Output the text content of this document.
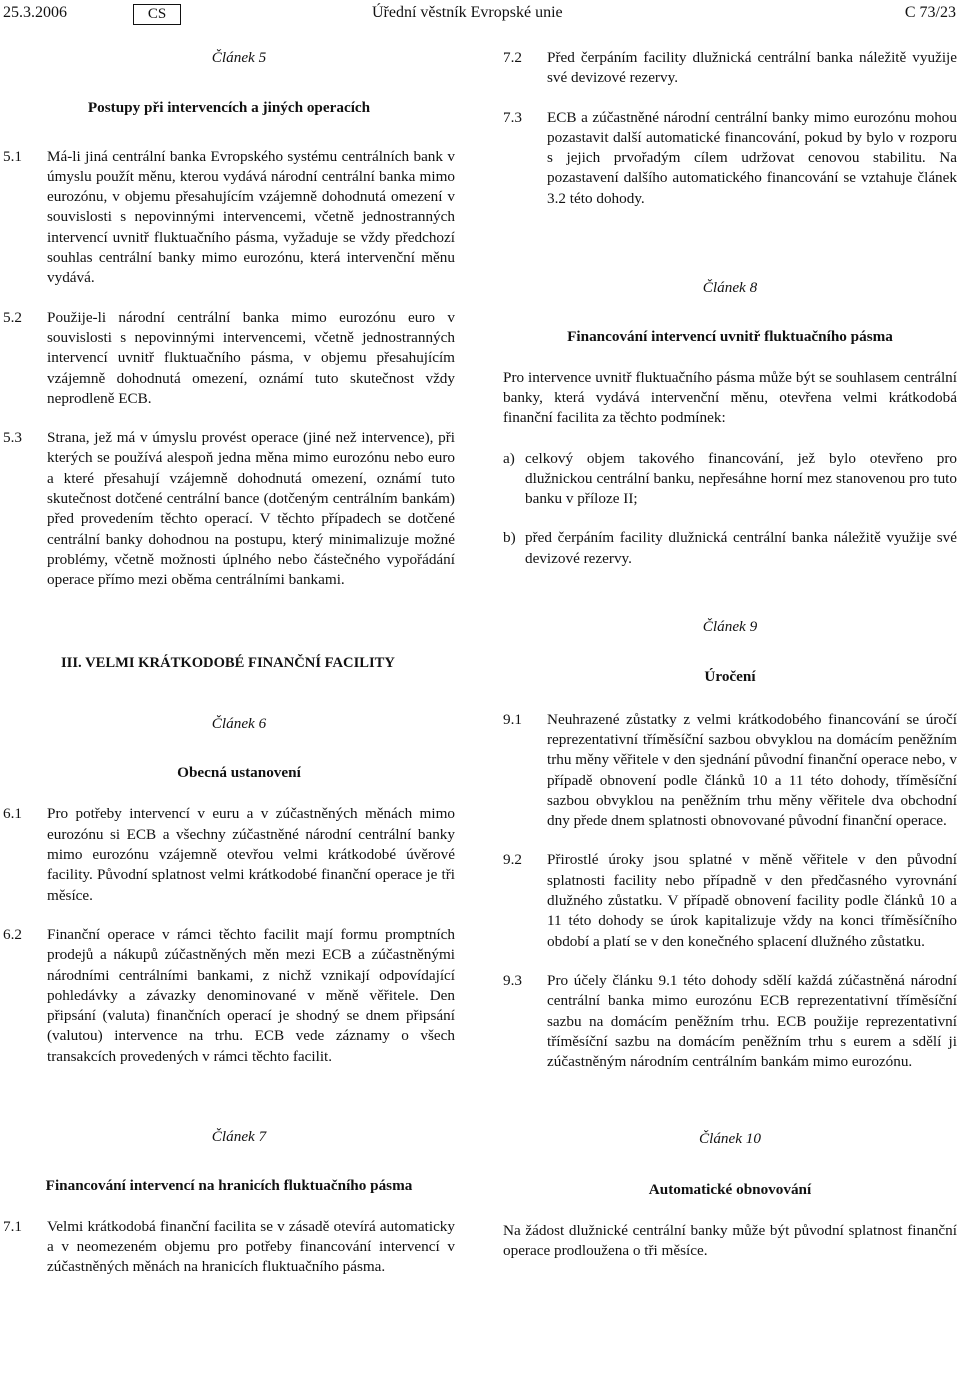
25.3.2006	CS	Úřední věstník Evropské unie	C 73/23

Článek 5

Postupy při intervencích a jiných operacích

5.1 Má-li jiná centrální banka Evropského systému centrálních bank v úmyslu použít měnu, kterou vydává národní centrální banka mimo eurozónu, v objemu přesahujícím vzájemně dohodnutá omezení v souvislosti s nepovinnými intervencemi, včetně jednostranných intervencí uvnitř fluktuačního pásma, vyžaduje se vždy předchozí souhlas centrální banky mimo eurozónu, která intervenční měnu vydává.

5.2 Použije-li národní centrální banka mimo eurozónu euro v souvislosti s nepovinnými intervencemi, včetně jednostranných intervencí uvnitř fluktuačního pásma, v objemu přesahujícím vzájemně dohodnutá omezení, oznámí tuto skutečnost vždy neprodleně ECB.

5.3 Strana, jež má v úmyslu provést operace (jiné než intervence), při kterých se používá alespoň jedna měna mimo eurozónu nebo euro a které přesahují vzájemně dohodnutá omezení, oznámí tuto skutečnost dotčené centrální bance (dotčeným centrálním bankám) před provedením těchto operací. V těchto případech se dotčené centrální banky dohodnou na postupu, který minimalizuje možné problémy, včetně možnosti úplného nebo částečného vypořádání operace přímo mezi oběma centrálními bankami.

III. VELMI KRÁTKODOBÉ FINANČNÍ FACILITY

Článek 6

Obecná ustanovení

6.1 Pro potřeby intervencí v euru a v zúčastněných měnách mimo eurozónu si ECB a všechny zúčastněné národní centrální banky mimo eurozónu vzájemně otevřou velmi krátkodobé úvěrové facility. Původní splatnost velmi krátkodobé finanční operace je tři měsíce.

6.2 Finanční operace v rámci těchto facilit mají formu promptních prodejů a nákupů zúčastněných měn mezi ECB a zúčastněnými národními centrálními bankami, z nichž vznikají odpovídající pohledávky a závazky denominované v měně věřitele. Den připsání (valuta) finančních operací je shodný se dnem připsání (valutou) intervence na trhu. ECB vede záznamy o všech transakcích provedených v rámci těchto facilit.

Článek 7

Financování intervencí na hranicích fluktuačního pásma

7.1 Velmi krátkodobá finanční facilita se v zásadě otevírá automaticky a v neomezeném objemu pro potřeby financování intervencí v zúčastněných měnách na hranicích fluktuačního pásma.

7.2 Před čerpáním facility dlužnická centrální banka náležitě využije své devizové rezervy.

7.3 ECB a zúčastněné národní centrální banky mimo eurozónu mohou pozastavit další automatické financování, pokud by bylo v rozporu s jejich prvořadým cílem udržovat cenovou stabilitu. Na pozastavení dalšího automatického financování se vztahuje článek 3.2 této dohody.

Článek 8

Financování intervencí uvnitř fluktuačního pásma

Pro intervence uvnitř fluktuačního pásma může být se souhlasem centrální banky, která vydává intervenční měnu, otevřena velmi krátkodobá finanční facilita za těchto podmínek:

a) celkový objem takového financování, jež bylo otevřeno pro dlužnickou centrální banku, nepřesáhne horní mez stanovenou pro tuto banku v příloze II;

b) před čerpáním facility dlužnická centrální banka náležitě využije své devizové rezervy.

Článek 9

Úročení

9.1 Neuhrazené zůstatky z velmi krátkodobého financování se úročí reprezentativní tříměsíční sazbou obvyklou na domácím peněžním trhu měny věřitele v den sjednání původní finanční operace nebo, v případě obnovení podle článků 10 a 11 této dohody, tříměsíční sazbou obvyklou na peněžním trhu měny věřitele dva obchodní dny přede dnem splatnosti obnovované původní finanční operace.

9.2 Přirostlé úroky jsou splatné v měně věřitele v den původní splatnosti facility nebo případně v den předčasného vyrovnání dlužného zůstatku. V případě obnovení facility podle článků 10 a 11 této dohody se úrok kapitalizuje vždy na konci tříměsíčního období a platí se v den konečného splacení dlužného zůstatku.

9.3 Pro účely článku 9.1 této dohody sdělí každá zúčastněná národní centrální banka mimo eurozónu ECB reprezentativní tříměsíční sazbu na domácím peněžním trhu. ECB použije reprezentativní tříměsíční sazbu na domácím peněžním trhu s eurem a sdělí ji zúčastněným národním centrálním bankám mimo eurozónu.

Článek 10

Automatické obnovování

Na žádost dlužnické centrální banky může být původní splatnost finanční operace prodloužena o tři měsíce.
